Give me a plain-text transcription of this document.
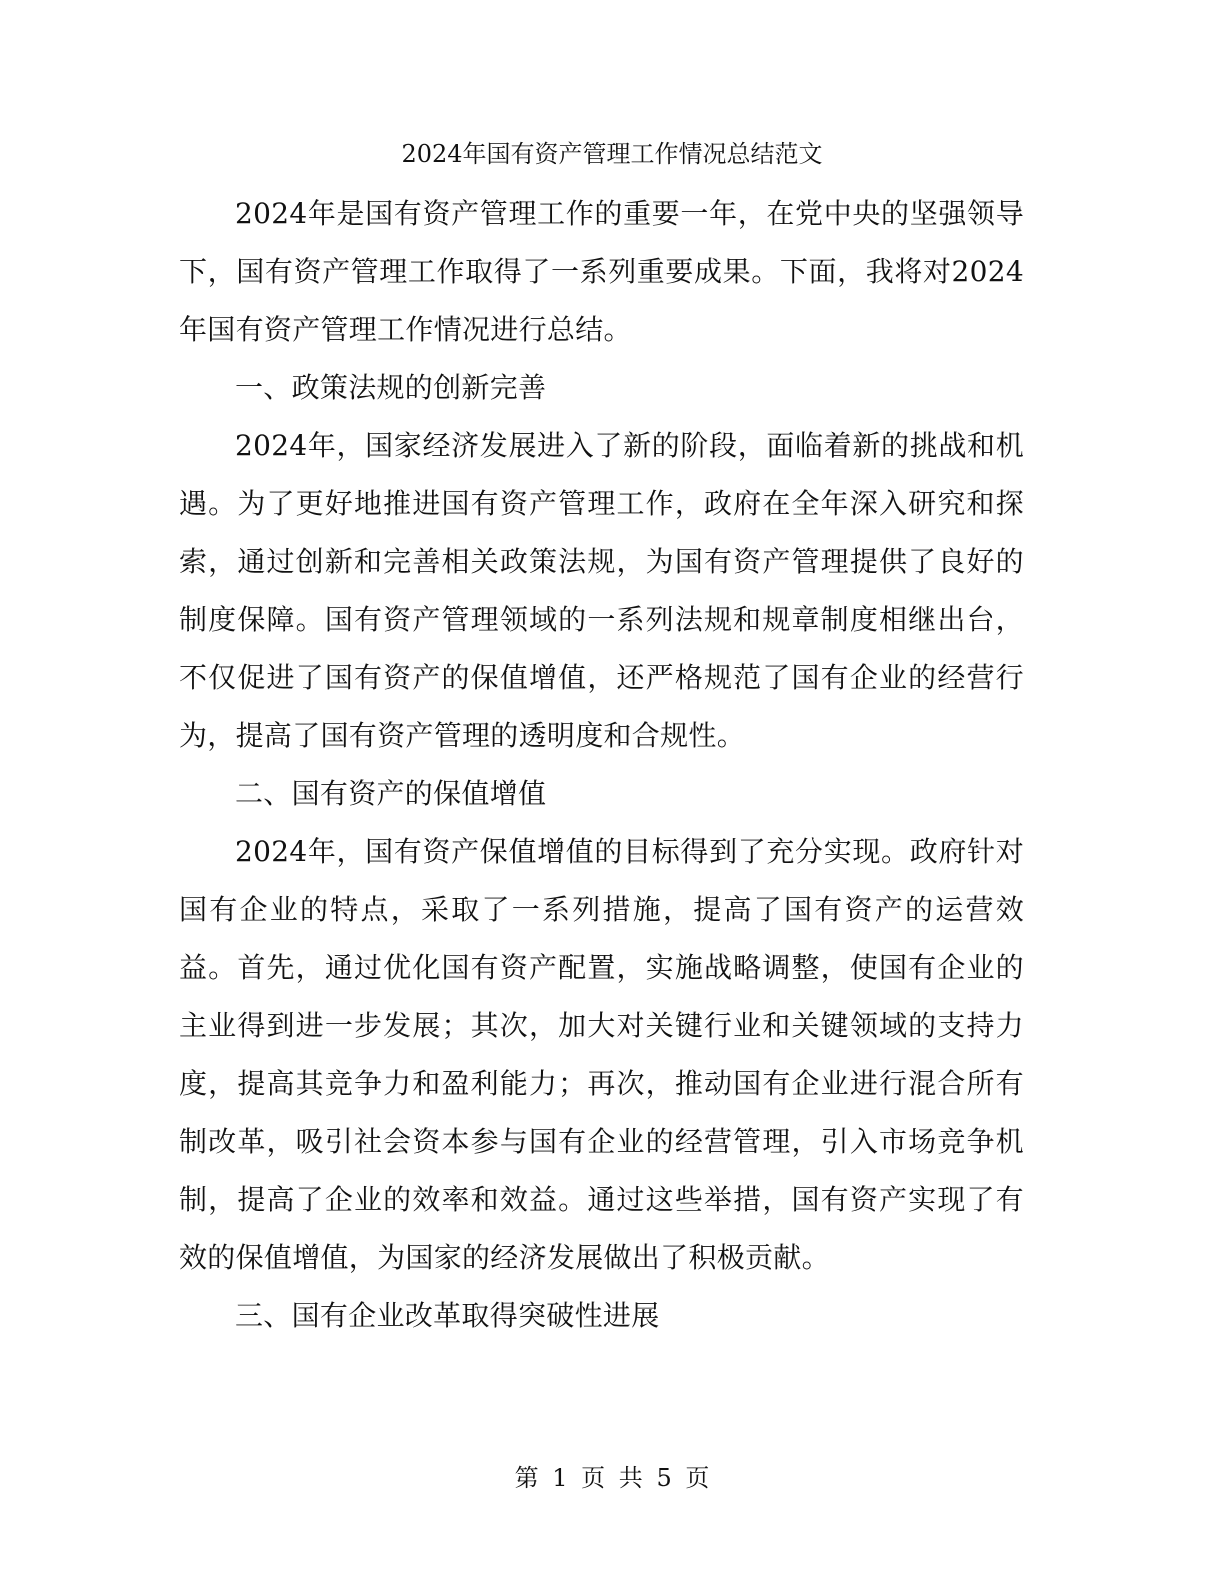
2024年国有资产管理工作情况总结范文

2024年是国有资产管理工作的重要一年，在党中央的坚强领导下，国有资产管理工作取得了一系列重要成果。下面，我将对2024年国有资产管理工作情况进行总结。

一、政策法规的创新完善

2024年，国家经济发展进入了新的阶段，面临着新的挑战和机遇。为了更好地推进国有资产管理工作，政府在全年深入研究和探索，通过创新和完善相关政策法规，为国有资产管理提供了良好的制度保障。国有资产管理领域的一系列法规和规章制度相继出台，不仅促进了国有资产的保值增值，还严格规范了国有企业的经营行为，提高了国有资产管理的透明度和合规性。

二、国有资产的保值增值

2024年，国有资产保值增值的目标得到了充分实现。政府针对国有企业的特点，采取了一系列措施，提高了国有资产的运营效益。首先，通过优化国有资产配置，实施战略调整，使国有企业的主业得到进一步发展；其次，加大对关键行业和关键领域的支持力度，提高其竞争力和盈利能力；再次，推动国有企业进行混合所有制改革，吸引社会资本参与国有企业的经营管理，引入市场竞争机制，提高了企业的效率和效益。通过这些举措，国有资产实现了有效的保值增值，为国家的经济发展做出了积极贡献。

三、国有企业改革取得突破性进展

第 1 页 共 5 页
